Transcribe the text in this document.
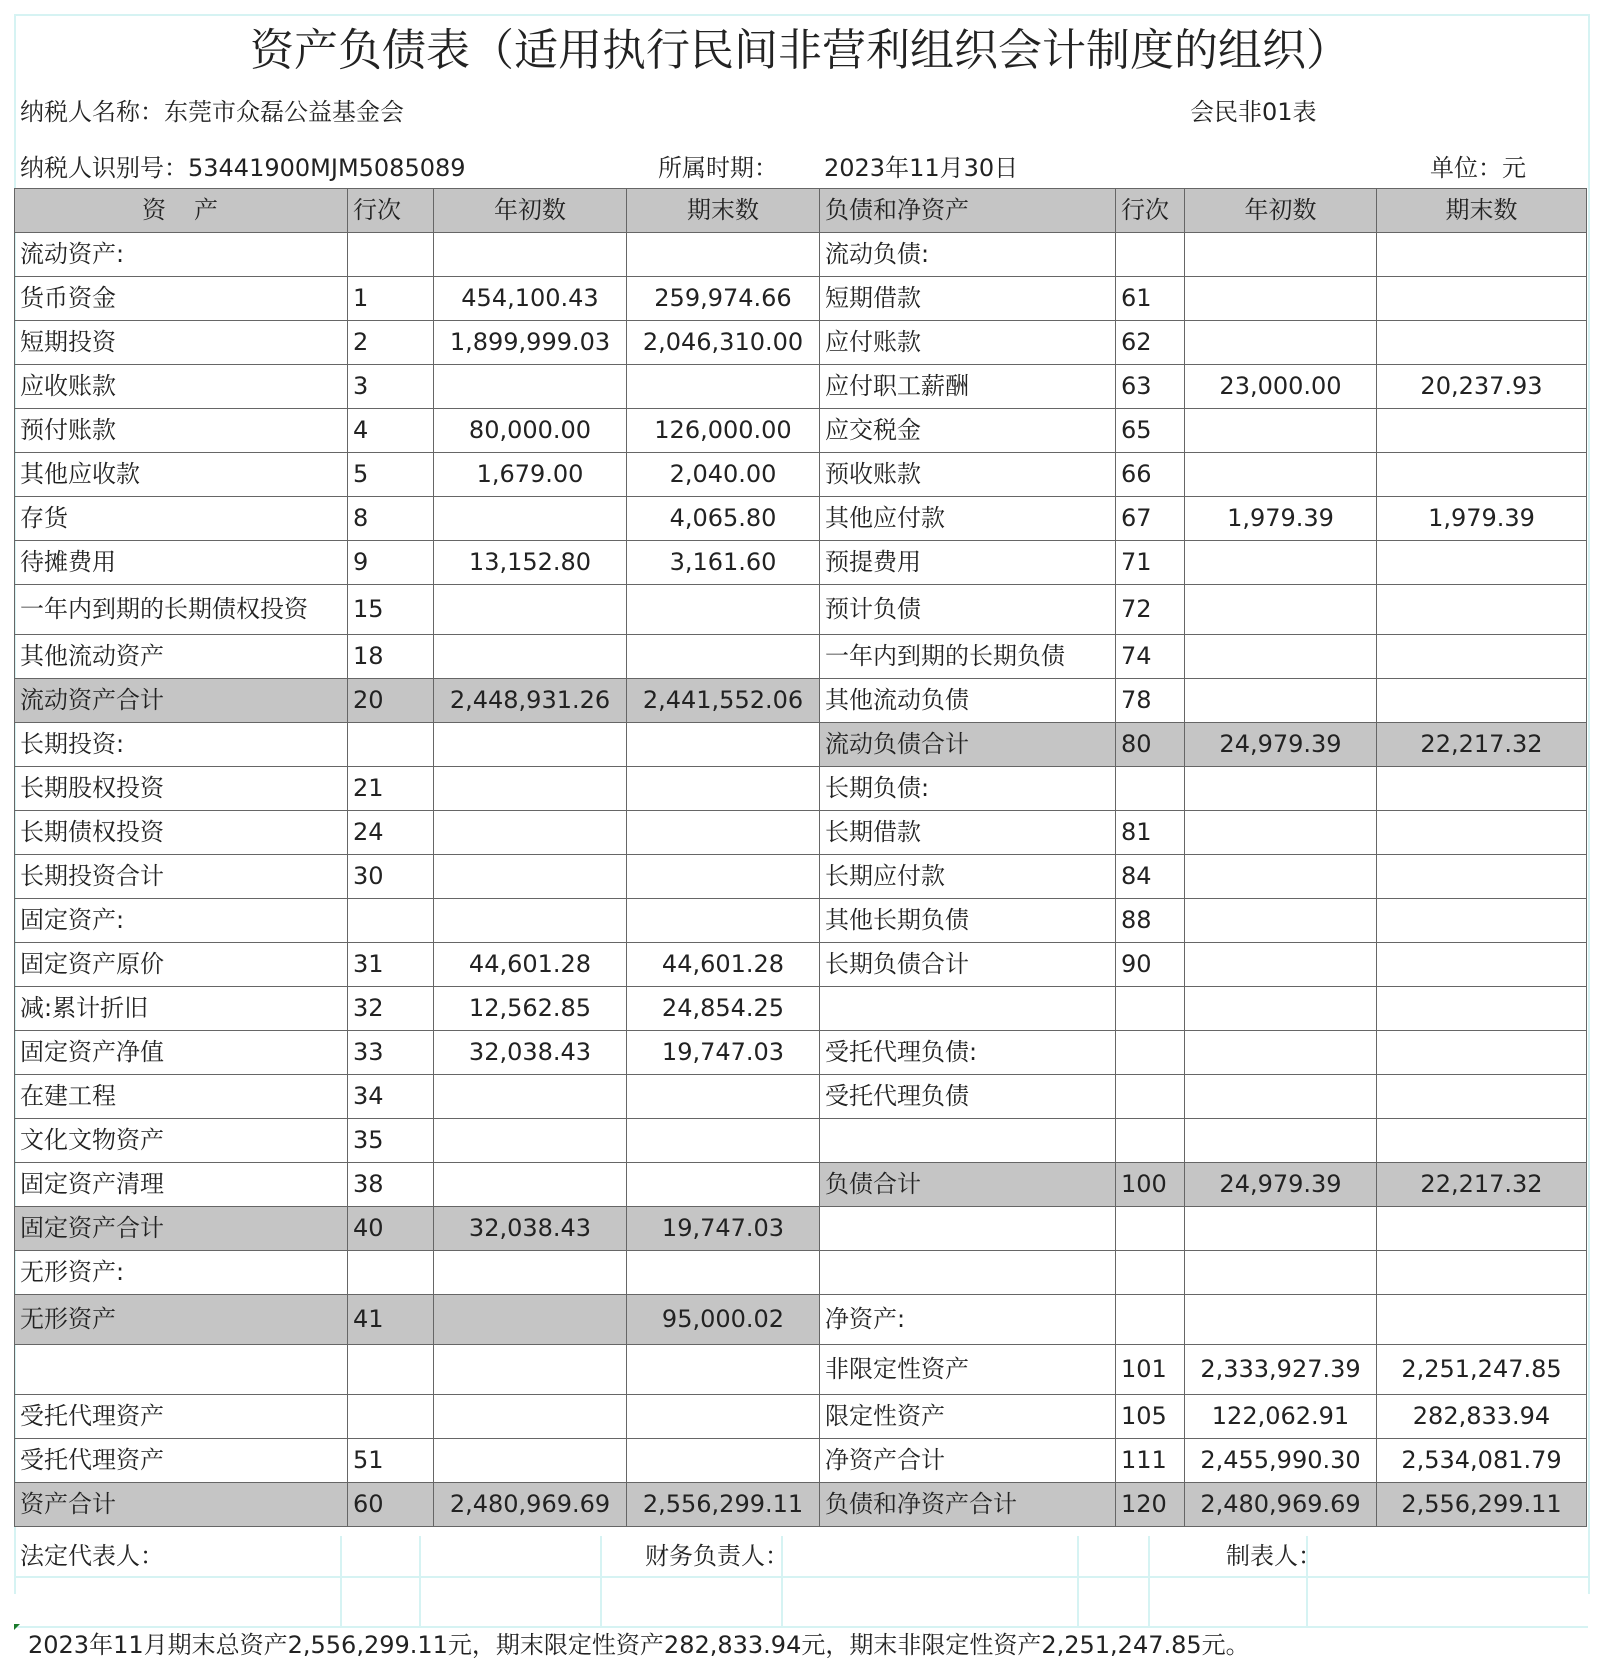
资产负债表（适用执行民间非营利组织会计制度的组织）
纳税人名称：东莞市众磊公益基金会	会民非01表
纳税人识别号：53441900MJM5085089	所属时期： 2023年11月30日	单位：元
资　产	行次	年初数	期末数	负债和净资产	行次	年初数	期末数
流动资产:				流动负债:			
货币资金	1	454,100.43	259,974.66	短期借款	61		
短期投资	2	1,899,999.03	2,046,310.00	应付账款	62		
应收账款	3			应付职工薪酬	63	23,000.00	20,237.93
预付账款	4	80,000.00	126,000.00	应交税金	65		
其他应收款	5	1,679.00	2,040.00	预收账款	66		
存货	8		4,065.80	其他应付款	67	1,979.39	1,979.39
待摊费用	9	13,152.80	3,161.60	预提费用	71		
一年内到期的长期债权投资	15			预计负债	72		
其他流动资产	18			一年内到期的长期负债	74		
流动资产合计	20	2,448,931.26	2,441,552.06	其他流动负债	78		
长期投资:				流动负债合计	80	24,979.39	22,217.32
长期股权投资	21			长期负债:			
长期债权投资	24			长期借款	81		
长期投资合计	30			长期应付款	84		
固定资产:				其他长期负债	88		
固定资产原价	31	44,601.28	44,601.28	长期负债合计	90		
减:累计折旧	32	12,562.85	24,854.25				
固定资产净值	33	32,038.43	19,747.03	受托代理负债:			
在建工程	34			受托代理负债			
文化文物资产	35						
固定资产清理	38			负债合计	100	24,979.39	22,217.32
固定资产合计	40	32,038.43	19,747.03				
无形资产:							
无形资产	41		95,000.02	净资产:			
				非限定性资产	101	2,333,927.39	2,251,247.85
受托代理资产				限定性资产	105	122,062.91	282,833.94
受托代理资产	51			净资产合计	111	2,455,990.30	2,534,081.79
资产合计	60	2,480,969.69	2,556,299.11	负债和净资产合计	120	2,480,969.69	2,556,299.11
法定代表人：	财务负责人：	制表人：
2023年11月期末总资产2,556,299.11元，期末限定性资产282,833.94元，期末非限定性资产2,251,247.85元。
